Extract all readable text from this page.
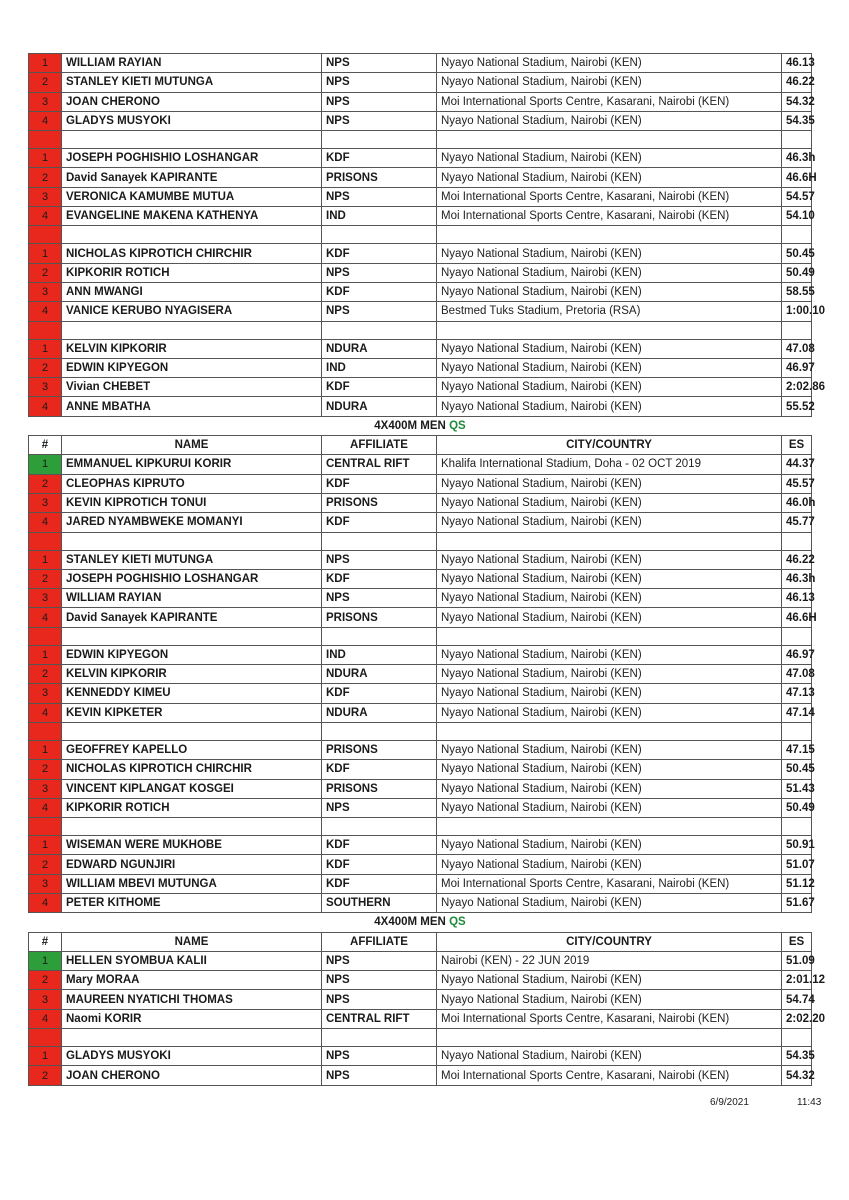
1	WILLIAM RAYIAN	NPS	Nyayo National Stadium, Nairobi (KEN)	46.13
2	STANLEY KIETI MUTUNGA	NPS	Nyayo National Stadium, Nairobi (KEN)	46.22
3	JOAN CHERONO	NPS	Moi International Sports Centre, Kasarani, Nairobi (KEN)	54.32
4	GLADYS MUSYOKI	NPS	Nyayo National Stadium, Nairobi (KEN)	54.35

1	JOSEPH POGHISHIO LOSHANGAR	KDF	Nyayo National Stadium, Nairobi (KEN)	46.3h
2	David Sanayek KAPIRANTE	PRISONS	Nyayo National Stadium, Nairobi (KEN)	46.6H
3	VERONICA KAMUMBE MUTUA	NPS	Moi International Sports Centre, Kasarani, Nairobi (KEN)	54.57
4	EVANGELINE MAKENA KATHENYA	IND	Moi International Sports Centre, Kasarani, Nairobi (KEN)	54.10

1	NICHOLAS KIPROTICH CHIRCHIR	KDF	Nyayo National Stadium, Nairobi (KEN)	50.45
2	KIPKORIR ROTICH	NPS	Nyayo National Stadium, Nairobi (KEN)	50.49
3	ANN MWANGI	KDF	Nyayo National Stadium, Nairobi (KEN)	58.55
4	VANICE KERUBO NYAGISERA	NPS	Bestmed Tuks Stadium, Pretoria (RSA)	1:00.10

1	KELVIN KIPKORIR	NDURA	Nyayo National Stadium, Nairobi (KEN)	47.08
2	EDWIN KIPYEGON	IND	Nyayo National Stadium, Nairobi (KEN)	46.97
3	Vivian CHEBET	KDF	Nyayo National Stadium, Nairobi (KEN)	2:02.86
4	ANNE MBATHA	NDURA	Nyayo National Stadium, Nairobi (KEN)	55.52
4X400M MEN QS				
#	NAME	AFFILIATE	CITY/COUNTRY	ES
1	EMMANUEL KIPKURUI KORIR	CENTRAL RIFT	Khalifa International Stadium, Doha - 02 OCT 2019	44.37
2	CLEOPHAS KIPRUTO	KDF	Nyayo National Stadium, Nairobi (KEN)	45.57
3	KEVIN KIPROTICH TONUI	PRISONS	Nyayo National Stadium, Nairobi (KEN)	46.0h
4	JARED NYAMBWEKE MOMANYI	KDF	Nyayo National Stadium, Nairobi (KEN)	45.77

1	STANLEY KIETI MUTUNGA	NPS	Nyayo National Stadium, Nairobi (KEN)	46.22
2	JOSEPH POGHISHIO LOSHANGAR	KDF	Nyayo National Stadium, Nairobi (KEN)	46.3h
3	WILLIAM RAYIAN	NPS	Nyayo National Stadium, Nairobi (KEN)	46.13
4	David Sanayek KAPIRANTE	PRISONS	Nyayo National Stadium, Nairobi (KEN)	46.6H

1	EDWIN KIPYEGON	IND	Nyayo National Stadium, Nairobi (KEN)	46.97
2	KELVIN KIPKORIR	NDURA	Nyayo National Stadium, Nairobi (KEN)	47.08
3	KENNEDDY KIMEU	KDF	Nyayo National Stadium, Nairobi (KEN)	47.13
4	KEVIN KIPKETER	NDURA	Nyayo National Stadium, Nairobi (KEN)	47.14

1	GEOFFREY KAPELLO	PRISONS	Nyayo National Stadium, Nairobi (KEN)	47.15
2	NICHOLAS KIPROTICH CHIRCHIR	KDF	Nyayo National Stadium, Nairobi (KEN)	50.45
3	VINCENT KIPLANGAT KOSGEI	PRISONS	Nyayo National Stadium, Nairobi (KEN)	51.43
4	KIPKORIR ROTICH	NPS	Nyayo National Stadium, Nairobi (KEN)	50.49

1	WISEMAN WERE MUKHOBE	KDF	Nyayo National Stadium, Nairobi (KEN)	50.91
2	EDWARD NGUNJIRI	KDF	Nyayo National Stadium, Nairobi (KEN)	51.07
3	WILLIAM MBEVI MUTUNGA	KDF	Moi International Sports Centre, Kasarani, Nairobi (KEN)	51.12
4	PETER KITHOME	SOUTHERN	Nyayo National Stadium, Nairobi (KEN)	51.67
4X400M MEN QS				
#	NAME	AFFILIATE	CITY/COUNTRY	ES
1	HELLEN SYOMBUA KALII	NPS	Nairobi (KEN) - 22 JUN 2019	51.09
2	Mary MORAA	NPS	Nyayo National Stadium, Nairobi (KEN)	2:01.12
3	MAUREEN NYATICHI THOMAS	NPS	Nyayo National Stadium, Nairobi (KEN)	54.74
4	Naomi KORIR	CENTRAL RIFT	Moi International Sports Centre, Kasarani, Nairobi (KEN)	2:02.20

1	GLADYS MUSYOKI	NPS	Nyayo National Stadium, Nairobi (KEN)	54.35
2	JOAN CHERONO	NPS	Moi International Sports Centre, Kasarani, Nairobi (KEN)	54.32
6/9/2021	11:43
